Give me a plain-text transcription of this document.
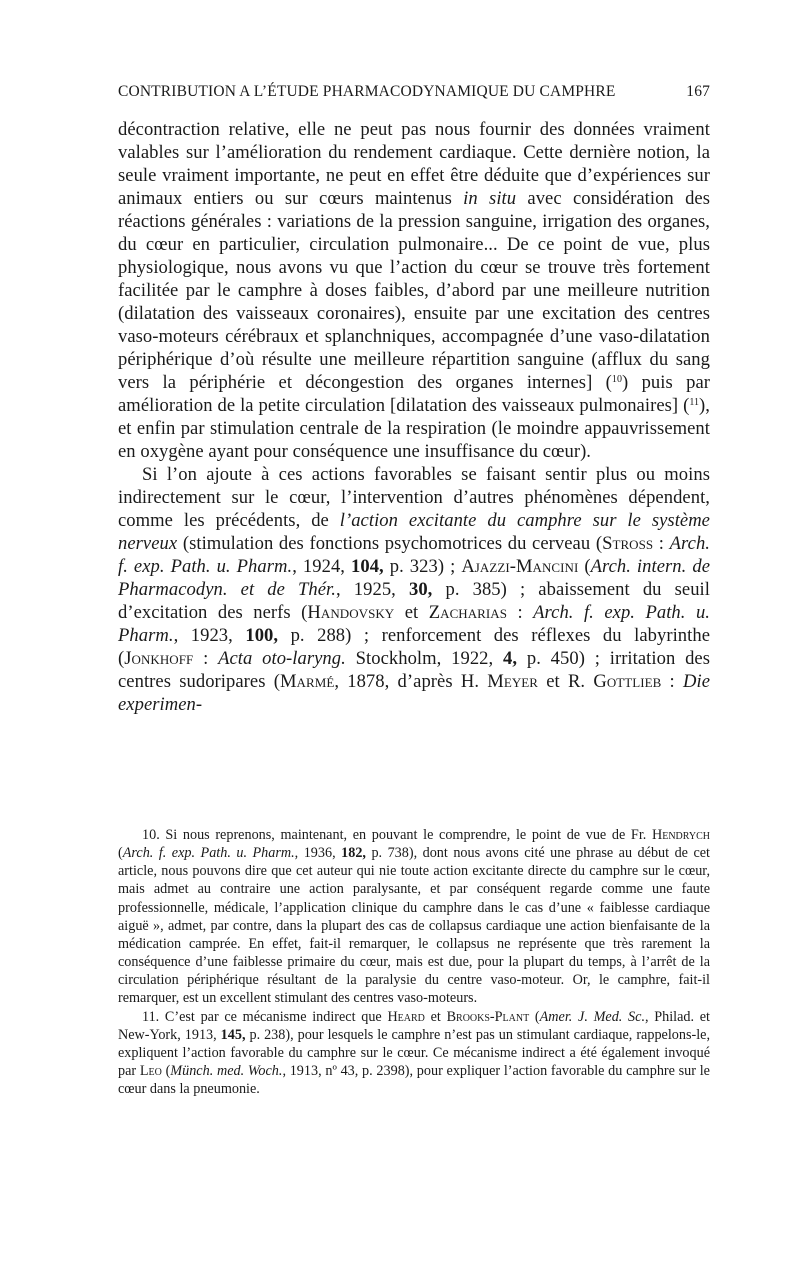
CONTRIBUTION A L’ÉTUDE PHARMACODYNAMIQUE DU CAMPHRE	167

décontraction relative, elle ne peut pas nous fournir des données vraiment valables sur l’amélioration du rendement cardiaque. Cette dernière notion, la seule vraiment importante, ne peut en effet être déduite que d’expériences sur animaux entiers ou sur cœurs maintenus in situ avec considération des réactions générales : variations de la pression sanguine, irrigation des organes, du cœur en particulier, circulation pulmonaire... De ce point de vue, plus physiologique, nous avons vu que l’action du cœur se trouve très fortement facilitée par le camphre à doses faibles, d’abord par une meilleure nutrition (dilatation des vaisseaux coronaires), ensuite par une excitation des centres vaso-moteurs cérébraux et splanchniques, accompagnée d’une vaso-dilatation périphérique d’où résulte une meilleure répartition sanguine (afflux du sang vers la périphérie et décongestion des organes internes] ($^{10}$) puis par amélioration de la petite circulation [dilatation des vaisseaux pulmonaires] ($^{11}$), et enfin par stimulation centrale de la respiration (le moindre appauvrissement en oxygène ayant pour conséquence une insuffisance du cœur).

Si l’on ajoute à ces actions favorables se faisant sentir plus ou moins indirectement sur le cœur, l’intervention d’autres phénomènes dépendent, comme les précédents, de l’action excitante du camphre sur le système nerveux (stimulation des fonctions psychomotrices du cerveau (Stross : Arch. f. exp. Path. u. Pharm., 1924, 104, p. 323) ; Ajazzi-Mancini (Arch. intern. de Pharmacodyn. et de Thér., 1925, 30, p. 385) ; abaissement du seuil d’excitation des nerfs (Handovsky et Zacharias : Arch. f. exp. Path. u. Pharm., 1923, 100, p. 288) ; renforcement des réflexes du labyrinthe (Jonkhoff : Acta oto-laryng. Stockholm, 1922, 4, p. 450) ; irritation des centres sudoripares (Marmé, 1878, d’après H. Meyer et R. Gottlieb : Die experimen-

10. Si nous reprenons, maintenant, en pouvant le comprendre, le point de vue de Fr. Hendrych (Arch. f. exp. Path. u. Pharm., 1936, 182, p. 738), dont nous avons cité une phrase au début de cet article, nous pouvons dire que cet auteur qui nie toute action excitante directe du camphre sur le cœur, mais admet au contraire une action paralysante, et par conséquent regarde comme une faute professionnelle, médicale, l’application clinique du camphre dans le cas d’une « faiblesse cardiaque aiguë », admet, par contre, dans la plupart des cas de collapsus cardiaque une action bienfaisante de la médication camprée. En effet, fait-il remarquer, le collapsus ne représente que très rarement la conséquence d’une faiblesse primaire du cœur, mais est due, pour la plupart du temps, à l’arrêt de la circulation périphérique résultant de la paralysie du centre vaso-moteur. Or, le camphre, fait-il remarquer, est un excellent stimulant des centres vaso-moteurs.

11. C’est par ce mécanisme indirect que Heard et Brooks-Plant (Amer. J. Med. Sc., Philad. et New-York, 1913, 145, p. 238), pour lesquels le camphre n’est pas un stimulant cardiaque, rappelons-le, expliquent l’action favorable du camphre sur le cœur. Ce mécanisme indirect a été également invoqué par Leo (Münch. med. Woch., 1913, nº 43, p. 2398), pour expliquer l’action favorable du camphre sur le cœur dans la pneumonie.
